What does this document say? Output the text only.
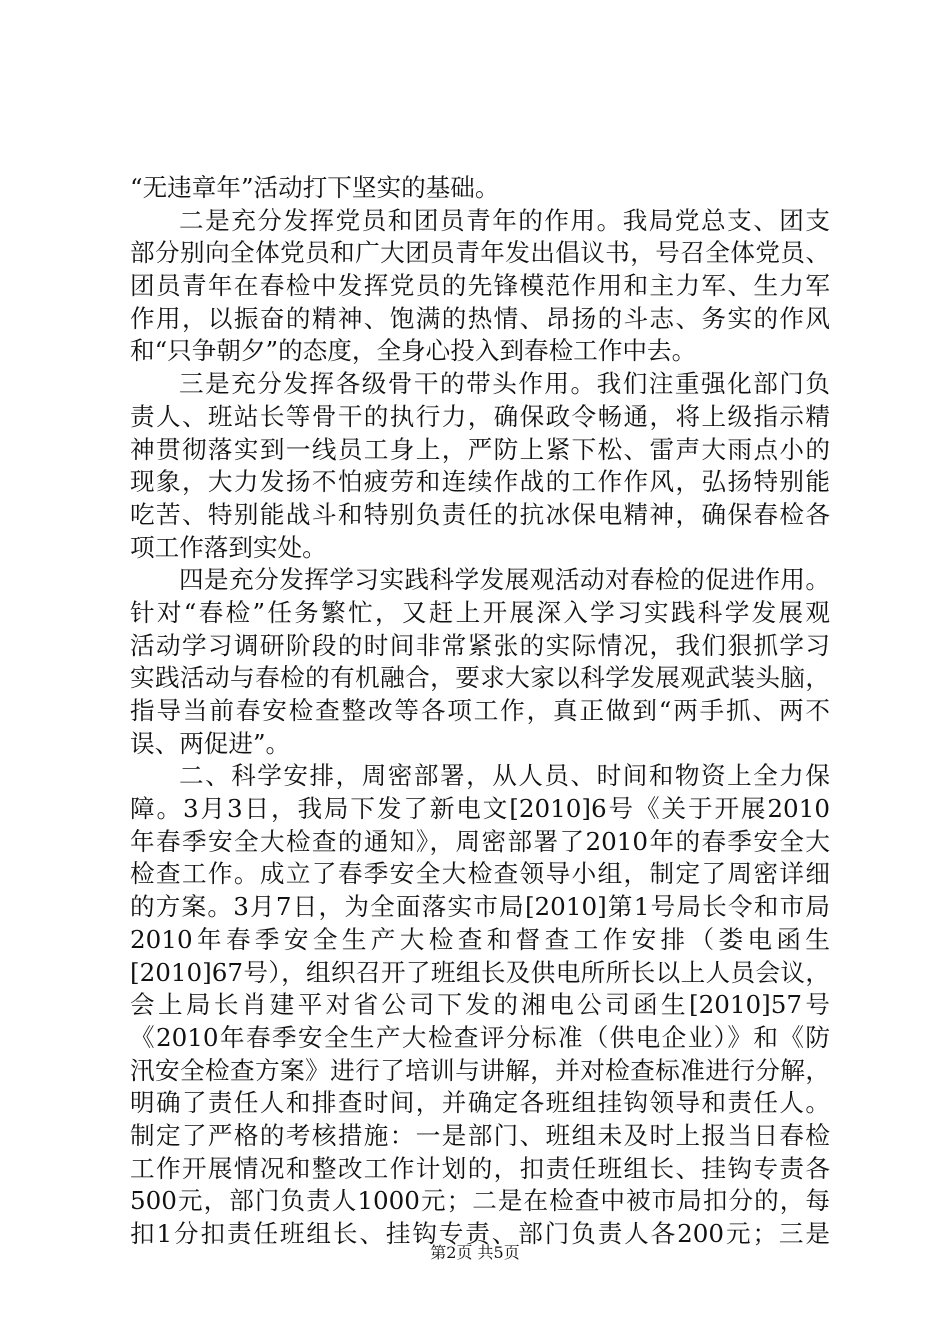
“无违章年”活动打下坚实的基础。
二是充分发挥党员和团员青年的作用。我局党总支、团支
部分别向全体党员和广大团员青年发出倡议书，号召全体党员、
团员青年在春检中发挥党员的先锋模范作用和主力军、生力军
作用，以振奋的精神、饱满的热情、昂扬的斗志、务实的作风
和“只争朝夕”的态度，全身心投入到春检工作中去。
三是充分发挥各级骨干的带头作用。我们注重强化部门负
责人、班站长等骨干的执行力，确保政令畅通，将上级指示精
神贯彻落实到一线员工身上，严防上紧下松、雷声大雨点小的
现象，大力发扬不怕疲劳和连续作战的工作作风，弘扬特别能
吃苦、特别能战斗和特别负责任的抗冰保电精神，确保春检各
项工作落到实处。
四是充分发挥学习实践科学发展观活动对春检的促进作用。
针对“春检”任务繁忙，又赶上开展深入学习实践科学发展观
活动学习调研阶段的时间非常紧张的实际情况，我们狠抓学习
实践活动与春检的有机融合，要求大家以科学发展观武装头脑，
指导当前春安检查整改等各项工作，真正做到“两手抓、两不
误、两促进”。
二、科学安排，周密部署，从人员、时间和物资上全力保
障。3月3日，我局下发了新电文[2010]6号《关于开展2010
年春季安全大检查的通知》，周密部署了2010年的春季安全大
检查工作。成立了春季安全大检查领导小组，制定了周密详细
的方案。3月7日，为全面落实市局[2010]第1号局长令和市局
2010年春季安全生产大检查和督查工作安排（娄电函生
[2010]67号），组织召开了班组长及供电所所长以上人员会议，
会上局长肖建平对省公司下发的湘电公司函生[2010]57号
《2010年春季安全生产大检查评分标准（供电企业）》和《防
汛安全检查方案》进行了培训与讲解，并对检查标准进行分解，
明确了责任人和排查时间，并确定各班组挂钩领导和责任人。
制定了严格的考核措施：一是部门、班组未及时上报当日春检
工作开展情况和整改工作计划的，扣责任班组长、挂钩专责各
500元，部门负责人1000元；二是在检查中被市局扣分的，每
扣1分扣责任班组长、挂钩专责、部门负责人各200元；三是
第2页 共5页
